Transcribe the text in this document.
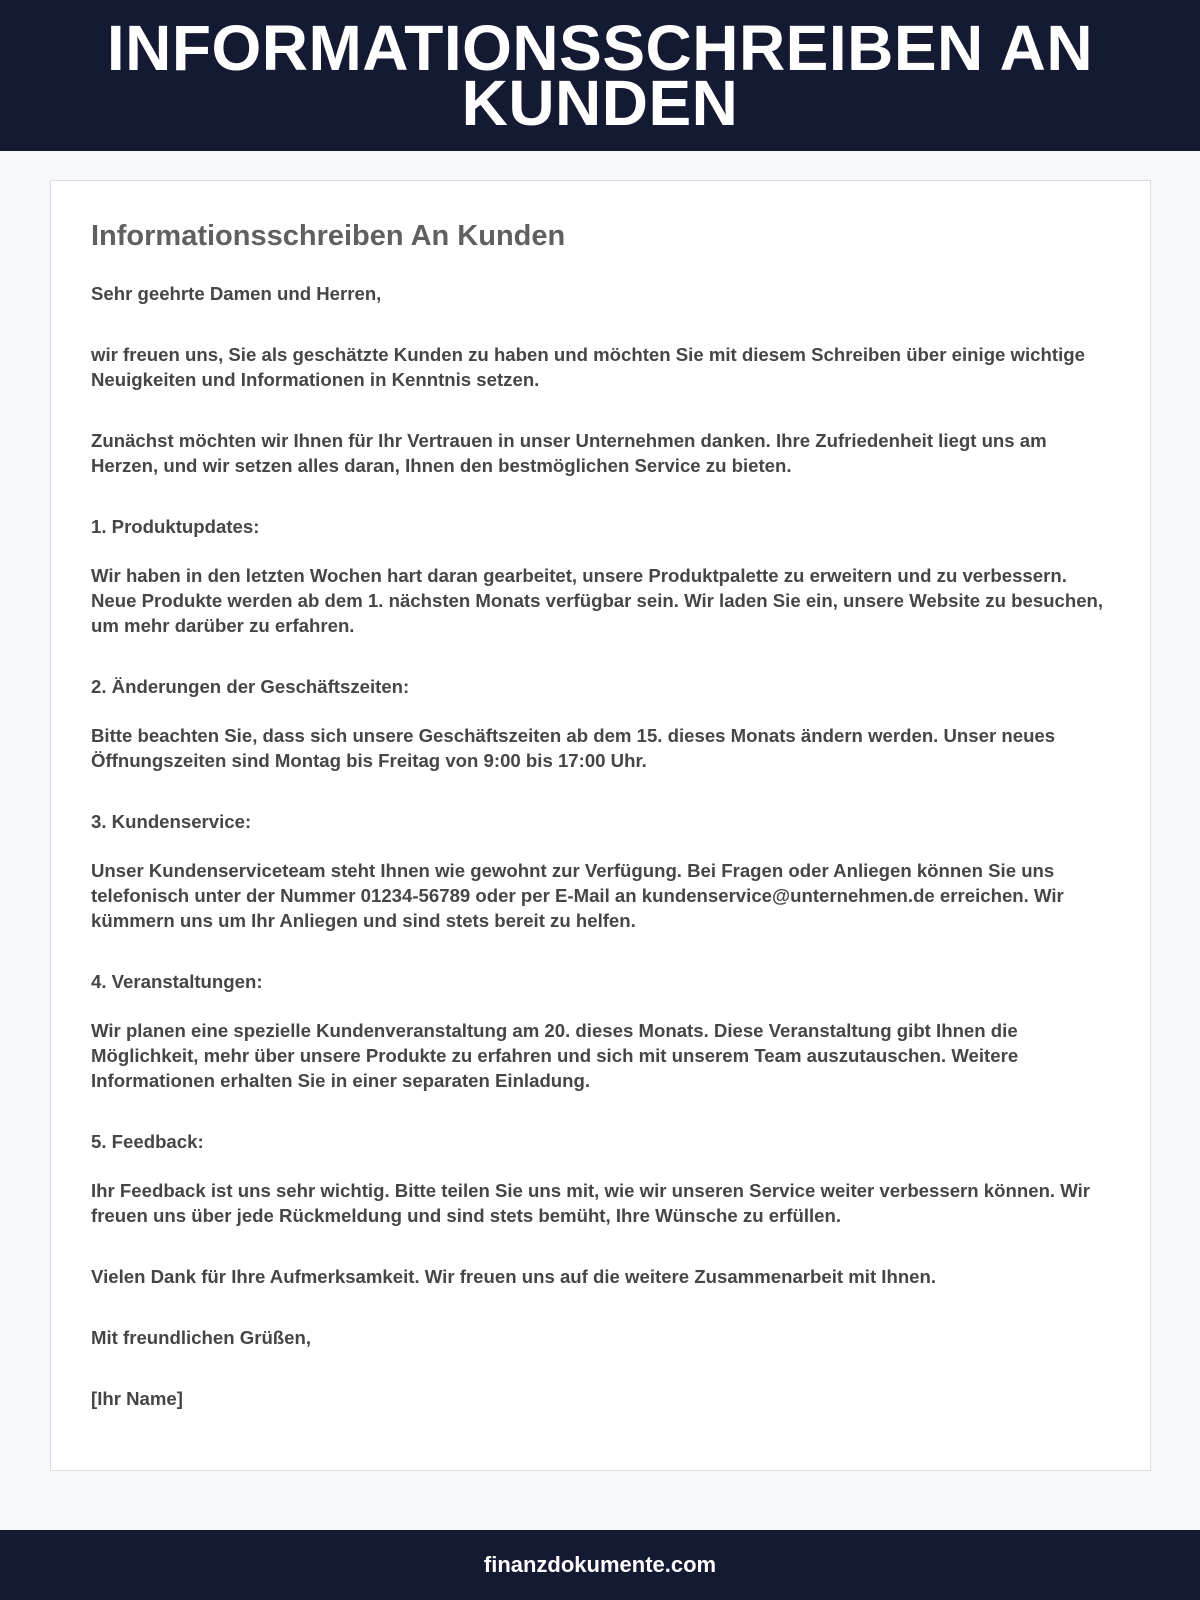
INFORMATIONSSCHREIBEN AN KUNDEN
Informationsschreiben An Kunden

Sehr geehrte Damen und Herren,

wir freuen uns, Sie als geschätzte Kunden zu haben und möchten Sie mit diesem Schreiben über einige wichtige Neuigkeiten und Informationen in Kenntnis setzen.

Zunächst möchten wir Ihnen für Ihr Vertrauen in unser Unternehmen danken. Ihre Zufriedenheit liegt uns am Herzen, und wir setzen alles daran, Ihnen den bestmöglichen Service zu bieten.

1. Produktupdates:

Wir haben in den letzten Wochen hart daran gearbeitet, unsere Produktpalette zu erweitern und zu verbessern. Neue Produkte werden ab dem 1. nächsten Monats verfügbar sein. Wir laden Sie ein, unsere Website zu besuchen, um mehr darüber zu erfahren.

2. Änderungen der Geschäftszeiten:

Bitte beachten Sie, dass sich unsere Geschäftszeiten ab dem 15. dieses Monats ändern werden. Unser neues Öffnungszeiten sind Montag bis Freitag von 9:00 bis 17:00 Uhr.

3. Kundenservice:

Unser Kundenserviceteam steht Ihnen wie gewohnt zur Verfügung. Bei Fragen oder Anliegen können Sie uns telefonisch unter der Nummer 01234-56789 oder per E-Mail an kundenservice@unternehmen.de erreichen. Wir kümmern uns um Ihr Anliegen und sind stets bereit zu helfen.

4. Veranstaltungen:

Wir planen eine spezielle Kundenveranstaltung am 20. dieses Monats. Diese Veranstaltung gibt Ihnen die Möglichkeit, mehr über unsere Produkte zu erfahren und sich mit unserem Team auszutauschen. Weitere Informationen erhalten Sie in einer separaten Einladung.

5. Feedback:

Ihr Feedback ist uns sehr wichtig. Bitte teilen Sie uns mit, wie wir unseren Service weiter verbessern können. Wir freuen uns über jede Rückmeldung und sind stets bemüht, Ihre Wünsche zu erfüllen.

Vielen Dank für Ihre Aufmerksamkeit. Wir freuen uns auf die weitere Zusammenarbeit mit Ihnen.

Mit freundlichen Grüßen,

[Ihr Name]

finanzdokumente.com
